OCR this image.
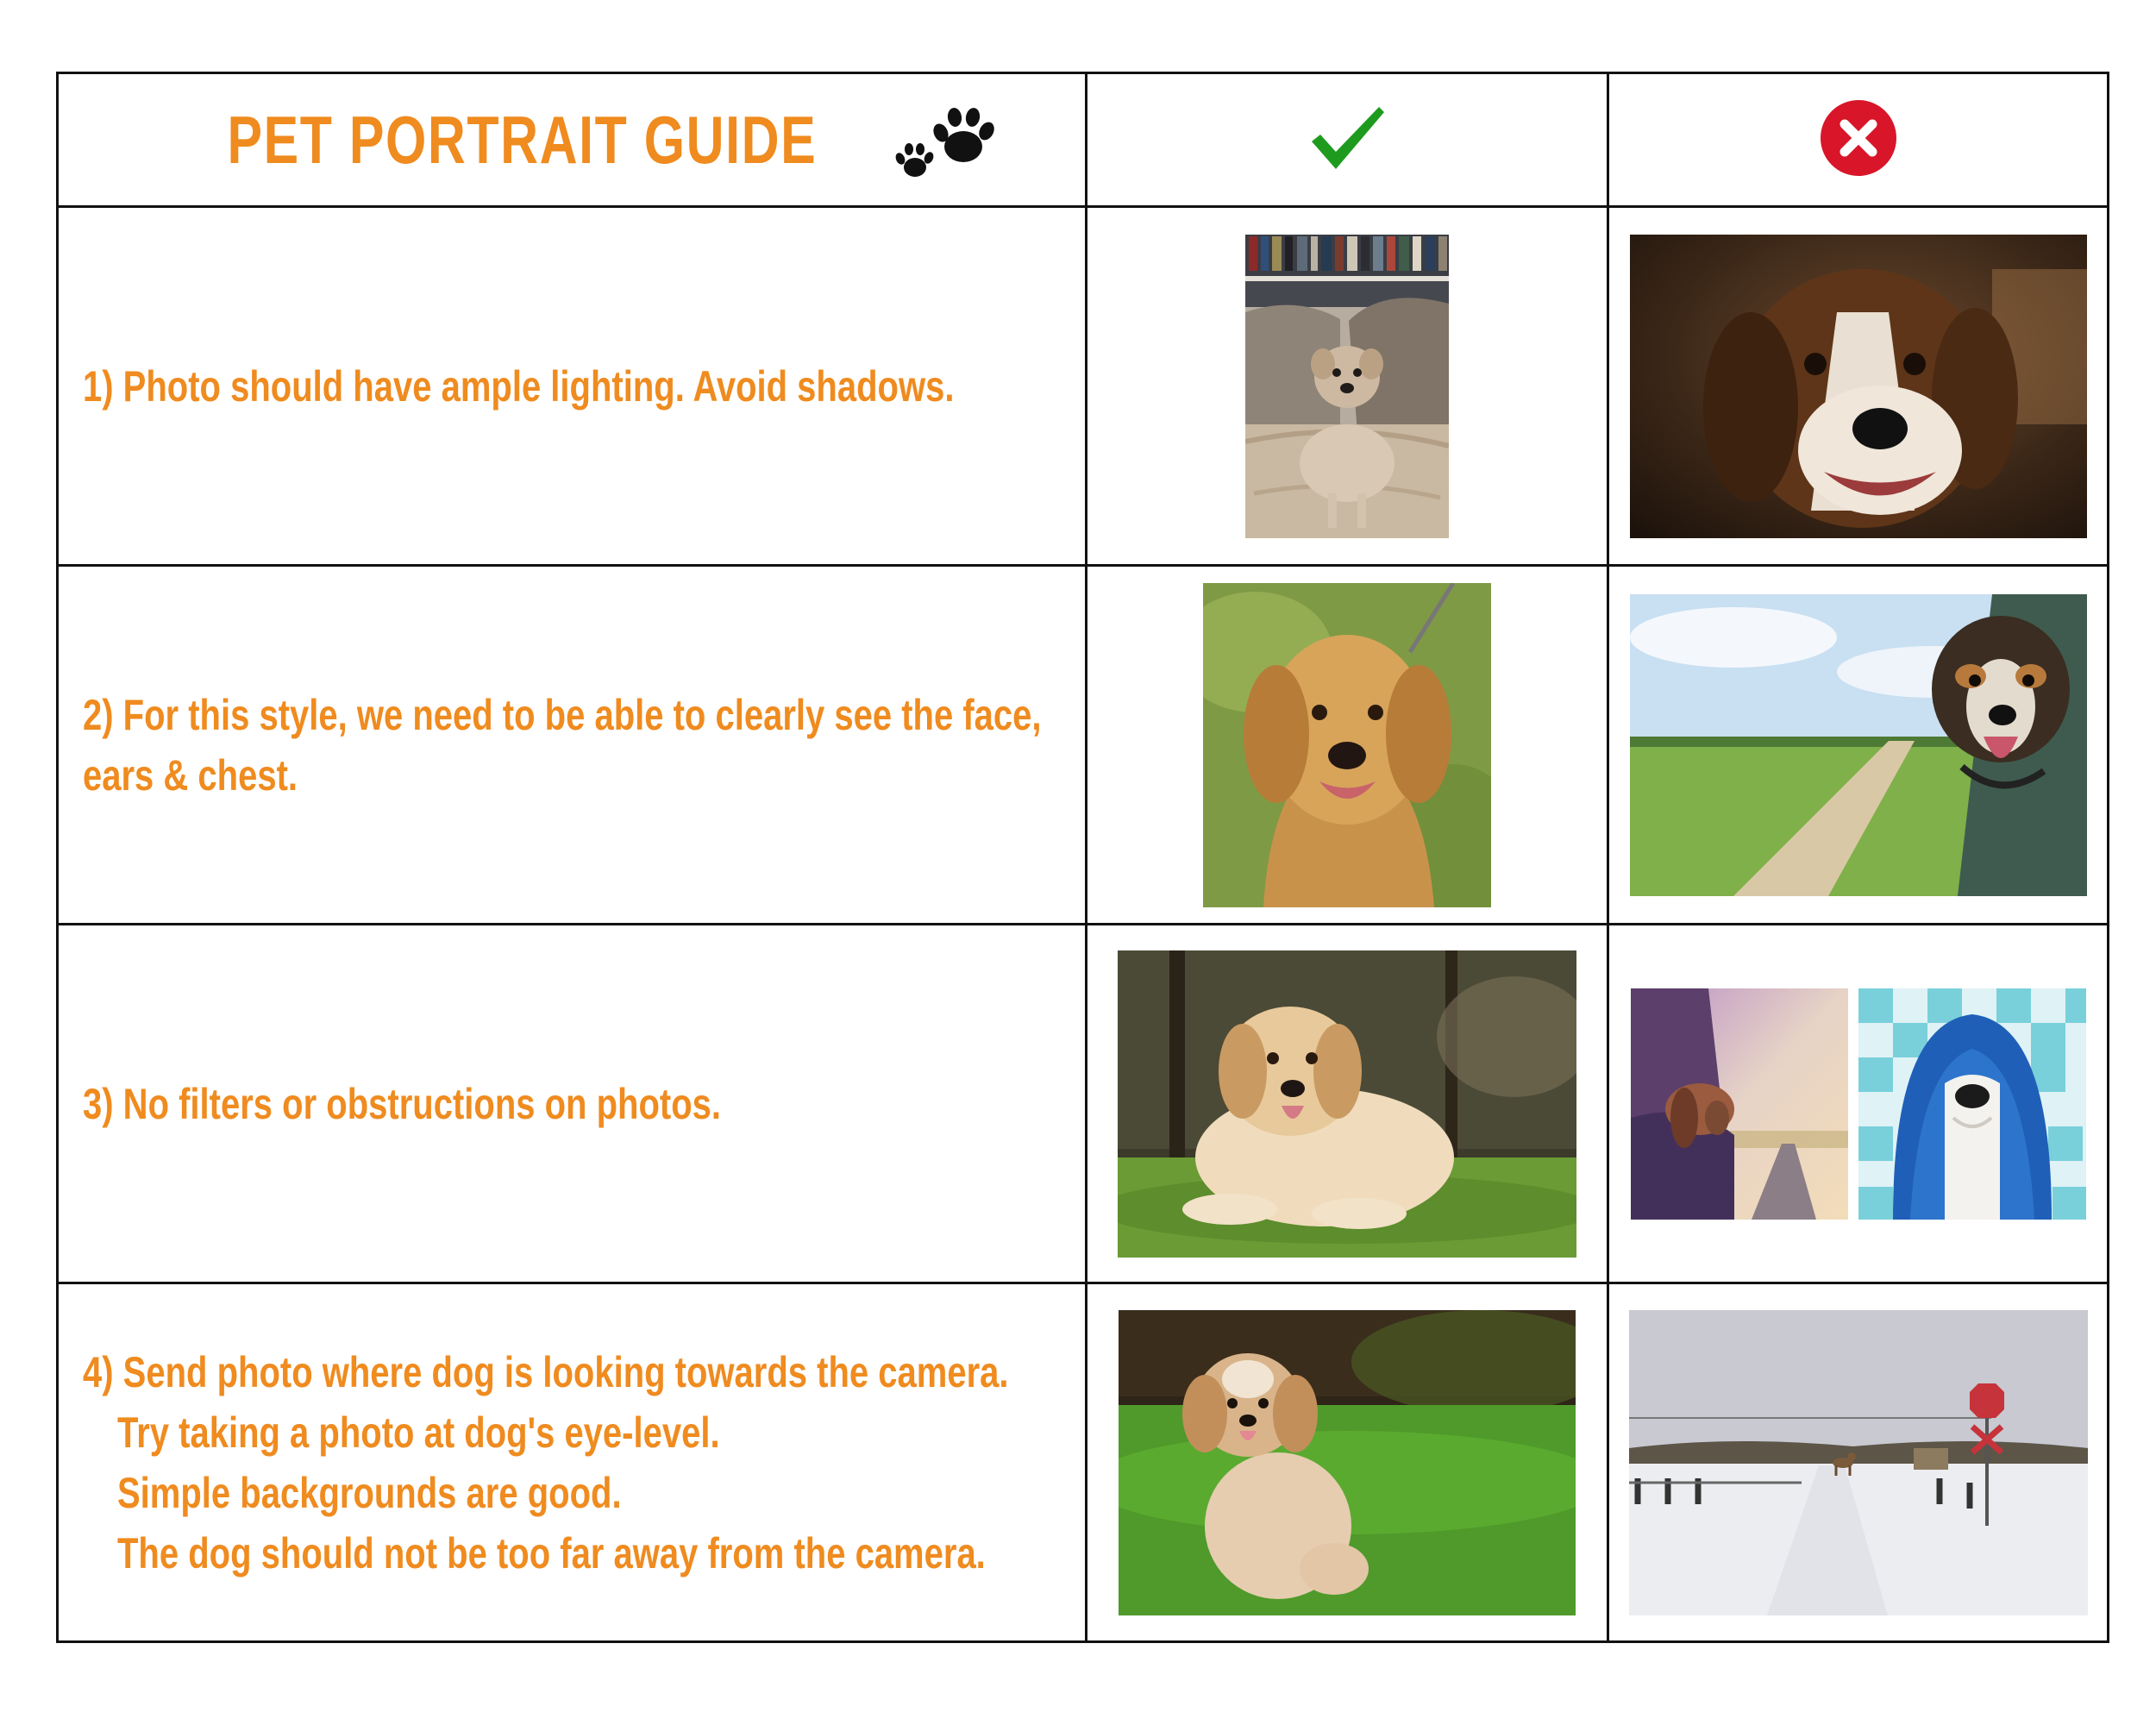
PET PORTRAIT GUIDE		

1) Photo should have ample lighting. Avoid shadows.

2) For this style, we need to be able to clearly see the face, ears & chest.

3) No filters or obstructions on photos.

4) Send photo where dog is looking towards the camera.
Try taking a photo at dog's eye-level.
Simple backgrounds are good.
The dog should not be too far away from the camera.
